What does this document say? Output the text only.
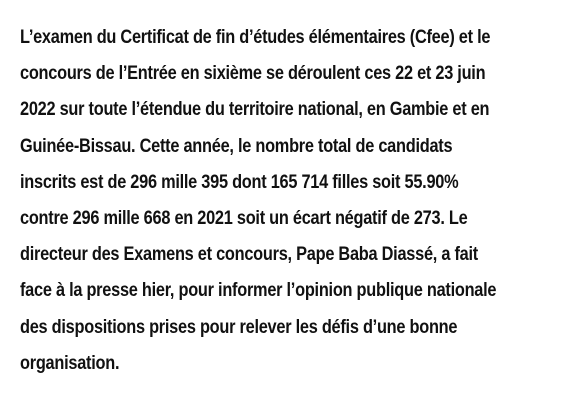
L’examen du Certificat de fin d’études élémentaires (Cfee) et le
concours de l’Entrée en sixième se déroulent ces 22 et 23 juin
2022 sur toute l’étendue du territoire national, en Gambie et en
Guinée-Bissau. Cette année, le nombre total de candidats
inscrits est de 296 mille 395 dont 165 714 filles soit 55.90%
contre 296 mille 668 en 2021 soit un écart négatif de 273. Le
directeur des Examens et concours, Pape Baba Diassé, a fait
face à la presse hier, pour informer l’opinion publique nationale
des dispositions prises pour relever les défis d’une bonne
organisation.
